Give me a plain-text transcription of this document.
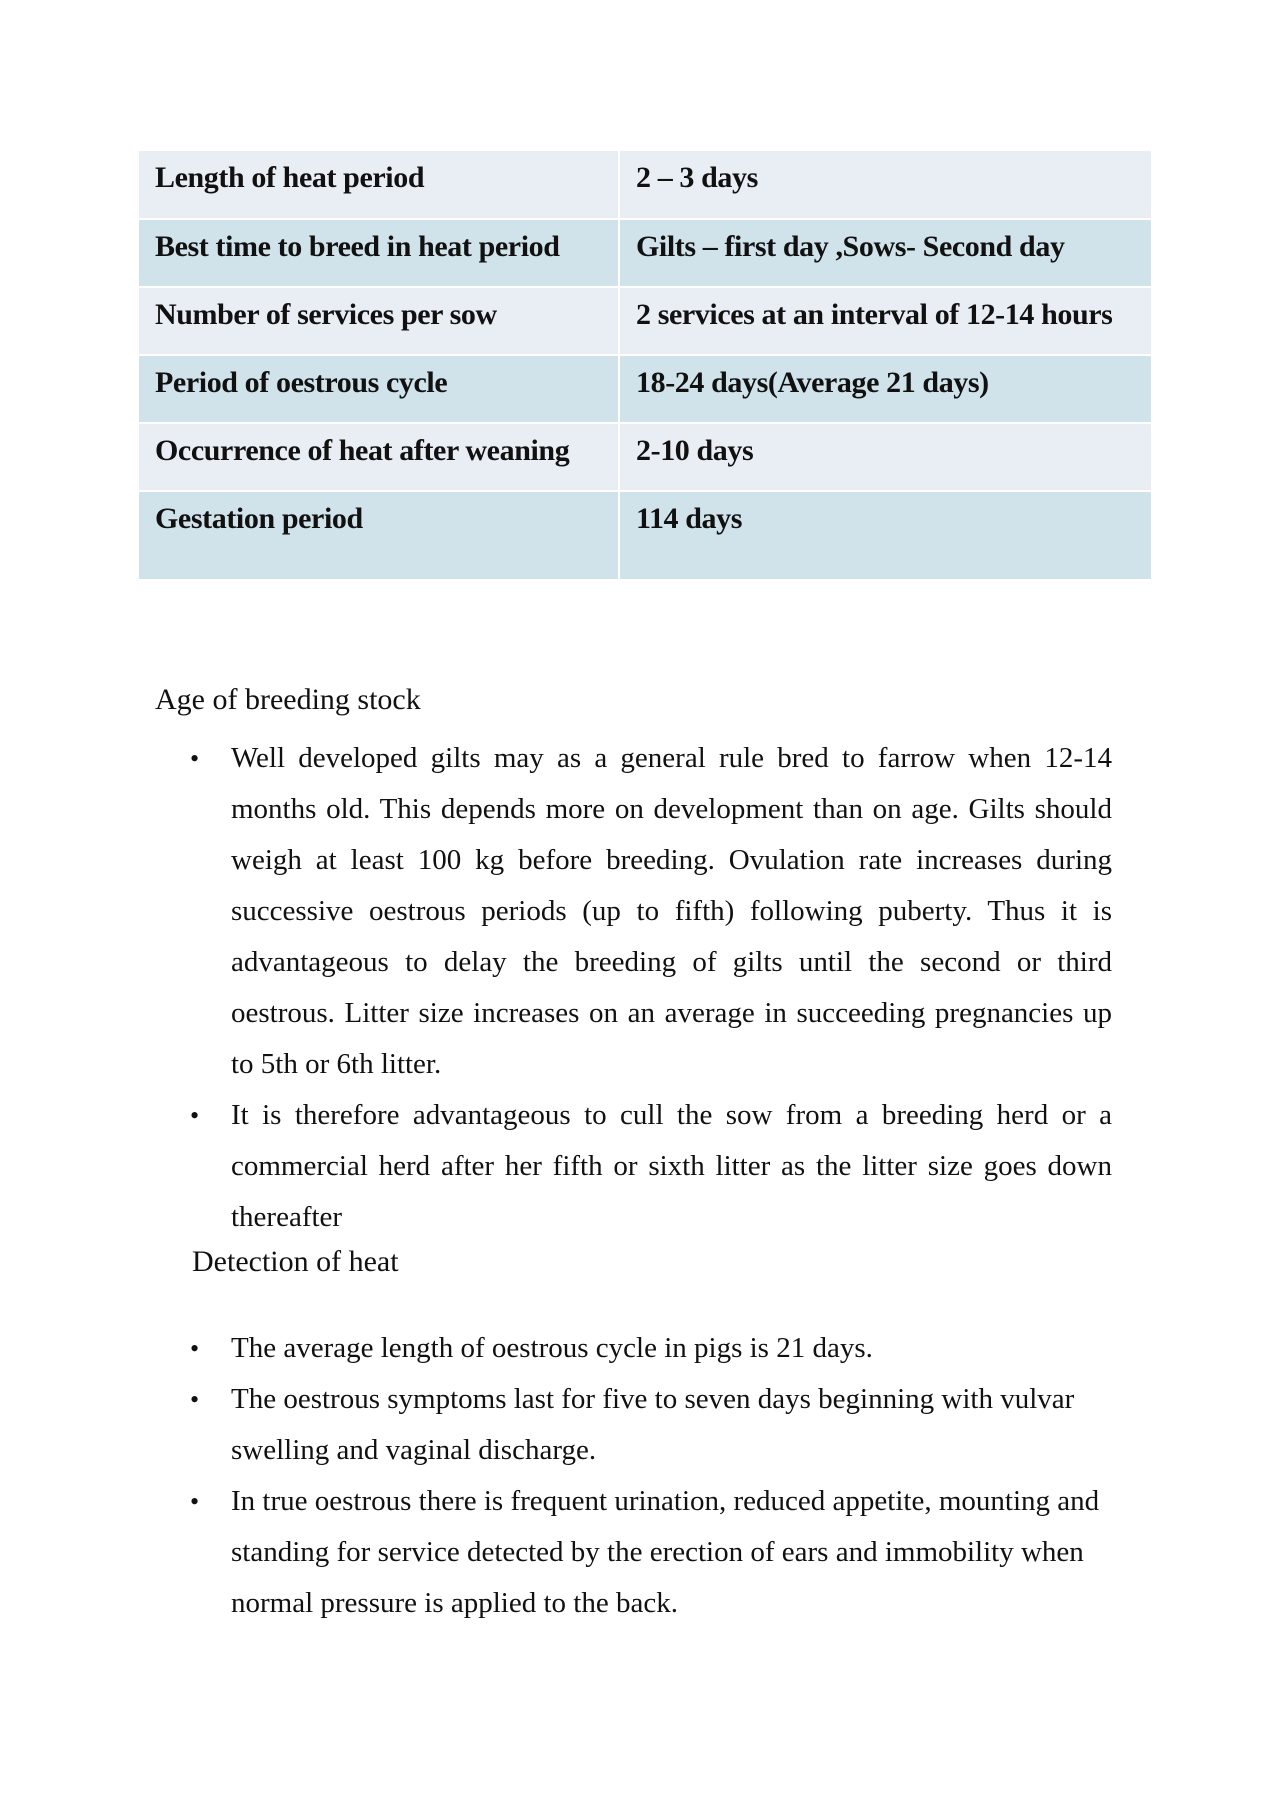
Length of heat period	2 – 3 days
Best time to breed in heat period	Gilts – first day ,Sows- Second day
Number of services per sow	2 services at an interval of 12-14 hours
Period of oestrous cycle	18-24 days(Average 21 days)
Occurrence of heat after weaning	2-10 days
Gestation period	114 days
Age of breeding stock
• Well developed gilts may as a general rule bred to farrow when 12-14 months old. This depends more on development than on age. Gilts should weigh at least 100 kg before breeding. Ovulation rate increases during successive oestrous periods (up to fifth) following puberty. Thus it is advantageous to delay the breeding of gilts until the second or third oestrous. Litter size increases on an average in succeeding pregnancies up to 5th or 6th litter.
• It is therefore advantageous to cull the sow from a breeding herd or a commercial herd after her fifth or sixth litter as the litter size goes down thereafter
Detection of heat
• The average length of oestrous cycle in pigs is 21 days.
• The oestrous symptoms last for five to seven days beginning with vulvar swelling and vaginal discharge.
• In true oestrous there is frequent urination, reduced appetite, mounting and standing for service detected by the erection of ears and immobility when normal pressure is applied to the back.
